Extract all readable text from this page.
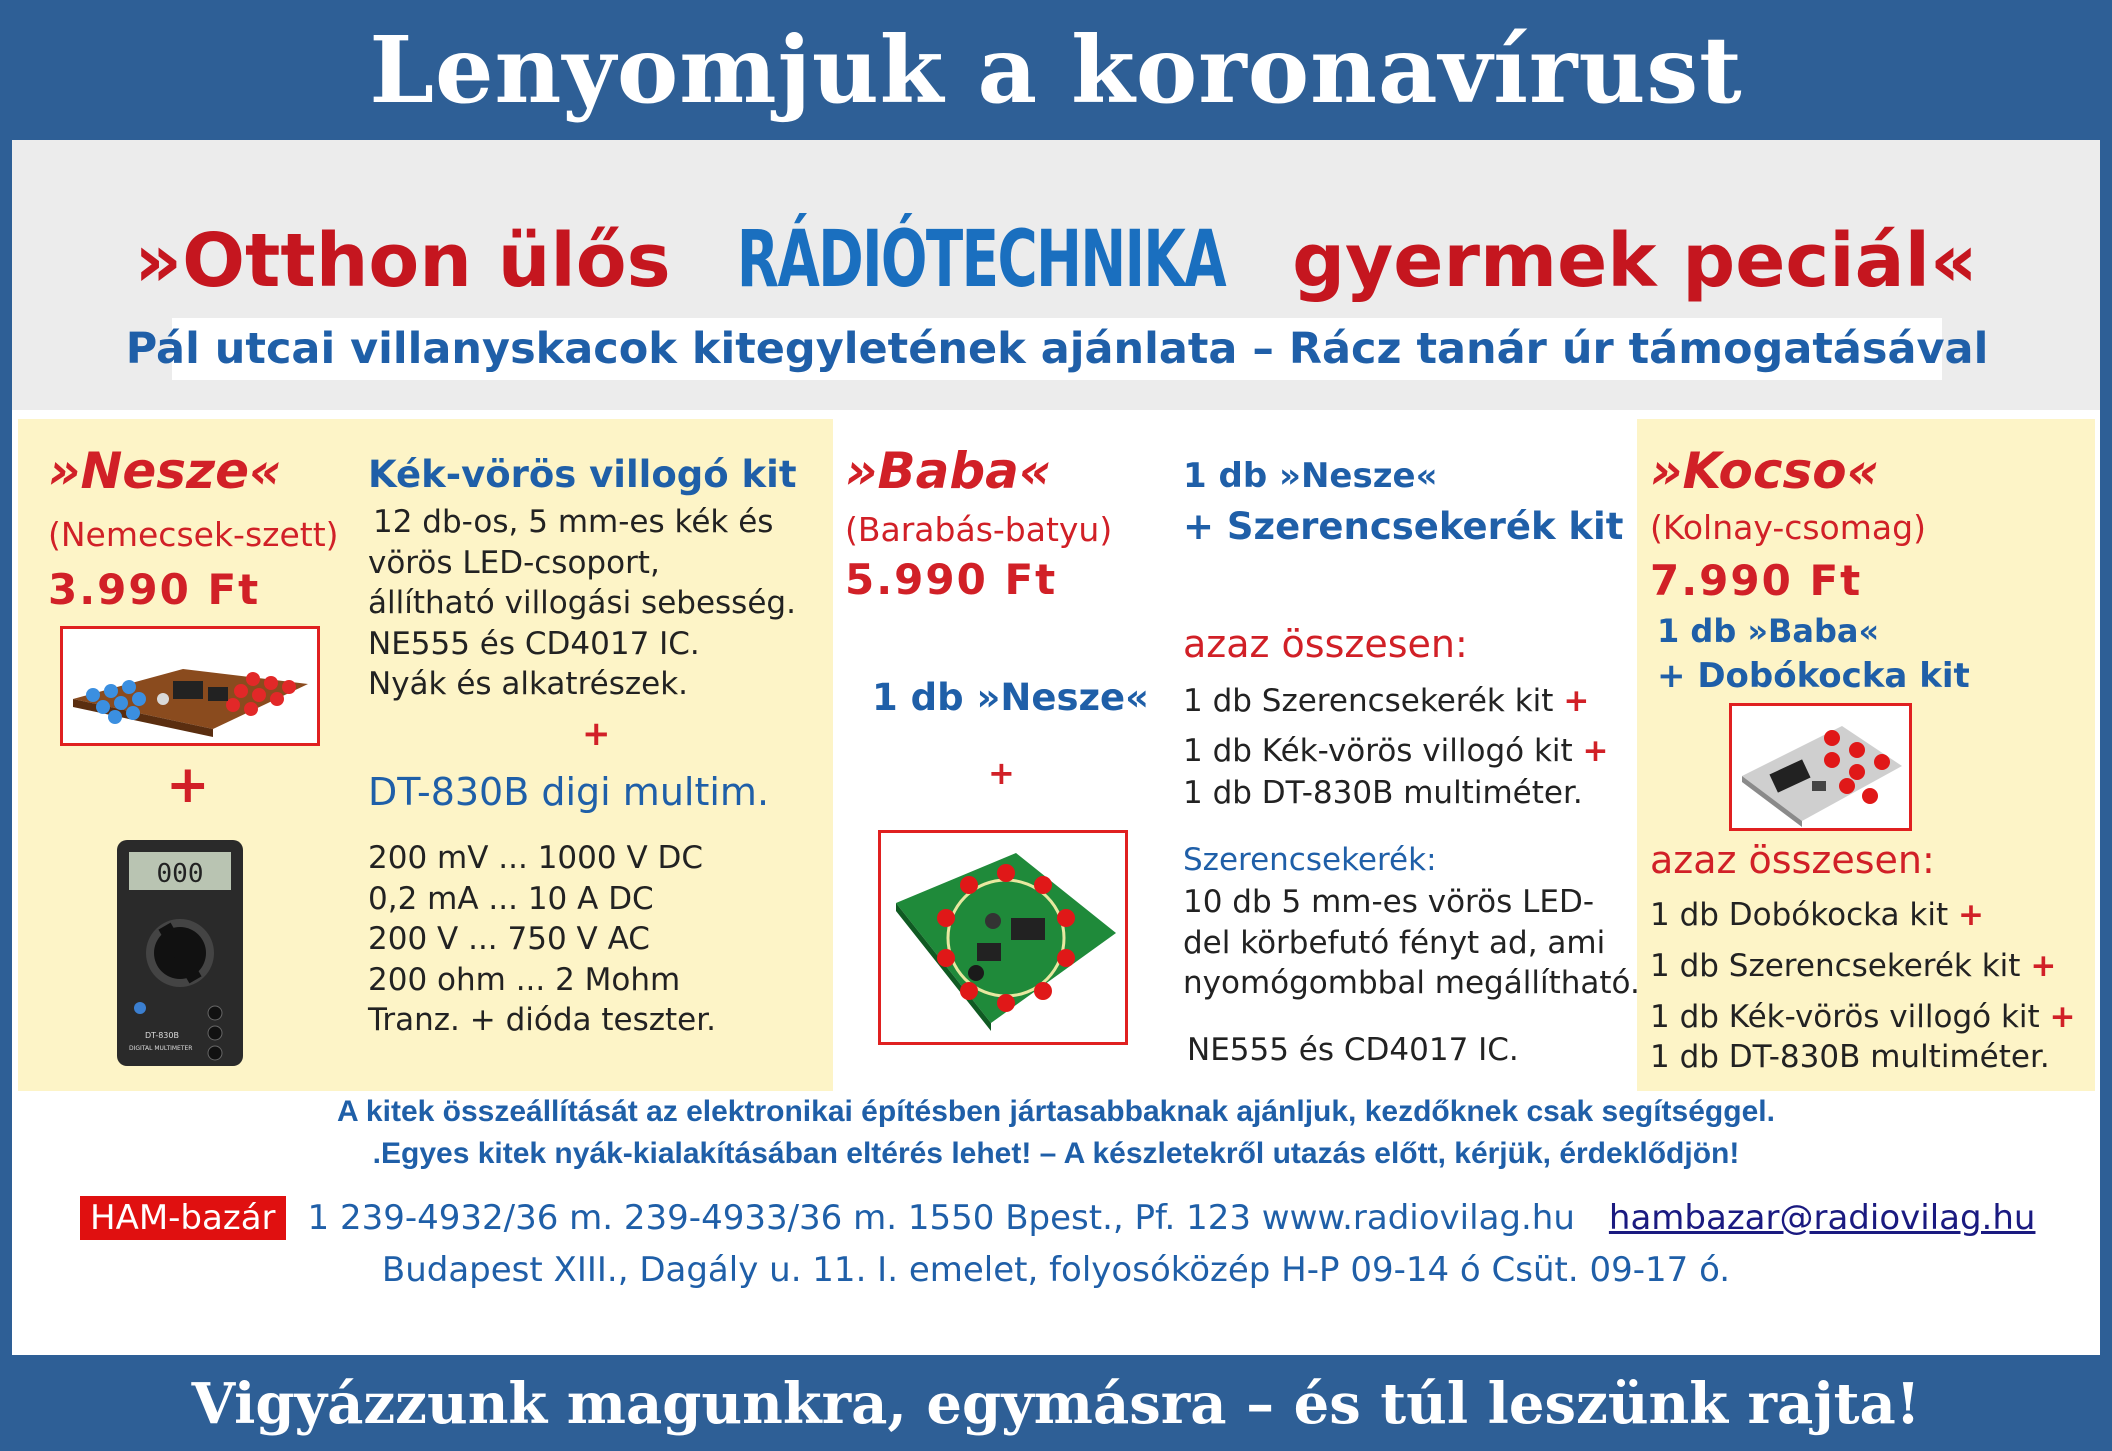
Lenyomjuk a koronavírust
»Otthon ülős RÁDIÓTECHNIKA gyermek peciál«
Pál utcai villanyskacok kitegyletének ajánlata – Rácz tanár úr támogatásával
»Nesze«
(Nemecsek-szett)
3.990 Ft
+
000
DT-830B
DIGITAL MULTIMETER
Kék-vörös villogó kit
12 db-os, 5 mm-es kék és
vörös LED-csoport,
állítható villogási sebesség.
NE555 és CD4017 IC.
Nyák és alkatrészek.
+
DT-830B digi multim.
200 mV ... 1000 V DC
0,2 mA ... 10 A DC
200 V ... 750 V AC
200 ohm ... 2 Mohm
Tranz. + dióda teszter.
»Baba«
(Barabás-batyu)
5.990 Ft
1 db »Nesze«
+
1 db »Nesze«
+ Szerencsekerék kit
azaz összesen:
1 db Szerencsekerék kit +
1 db Kék-vörös villogó kit +
1 db DT-830B multiméter.
Szerencsekerék:
10 db 5 mm-es vörös LED-
del körbefutó fényt ad, ami
nyomógombbal megállítható.
NE555 és CD4017 IC.
»Kocso«
(Kolnay-csomag)
7.990 Ft
1 db »Baba«
+ Dobókocka kit
azaz összesen:
1 db Dobókocka kit +
1 db Szerencsekerék kit +
1 db Kék-vörös villogó kit +
1 db DT-830B multiméter.
A kitek összeállítását az elektronikai építésben jártasabbaknak ajánljuk, kezdőknek csak segítséggel.
.Egyes kitek nyák-kialakításában eltérés lehet! – A készletekről utazás előtt, kérjük, érdeklődjön!
HAM-bazár 1 239-4932/36 m. 239-4933/36 m. 1550 Bpest., Pf. 123 www.radiovilag.hu hambazar@radiovilag.hu
Budapest XIII., Dagály u. 11. I. emelet, folyosóközép H-P 09-14 ó Csüt. 09-17 ó.
Vigyázzunk magunkra, egymásra – és túl leszünk rajta!
